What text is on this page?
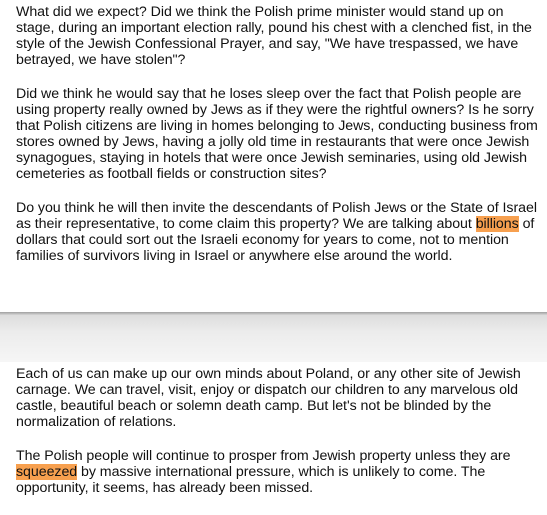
What did we expect? Did we think the Polish prime minister would stand up on stage, during an important election rally, pound his chest with a clenched fist, in the style of the Jewish Confessional Prayer, and say, "We have trespassed, we have betrayed, we have stolen"?

Did we think he would say that he loses sleep over the fact that Polish people are using property really owned by Jews as if they were the rightful owners? Is he sorry that Polish citizens are living in homes belonging to Jews, conducting business from stores owned by Jews, having a jolly old time in restaurants that were once Jewish synagogues, staying in hotels that were once Jewish seminaries, using old Jewish cemeteries as football fields or construction sites?

Do you think he will then invite the descendants of Polish Jews or the State of Israel as their representative, to come claim this property? We are talking about billions of dollars that could sort out the Israeli economy for years to come, not to mention families of survivors living in Israel or anywhere else around the world.

Each of us can make up our own minds about Poland, or any other site of Jewish carnage. We can travel, visit, enjoy or dispatch our children to any marvelous old castle, beautiful beach or solemn death camp. But let's not be blinded by the normalization of relations.

The Polish people will continue to prosper from Jewish property unless they are squeezed by massive international pressure, which is unlikely to come. The opportunity, it seems, has already been missed.
